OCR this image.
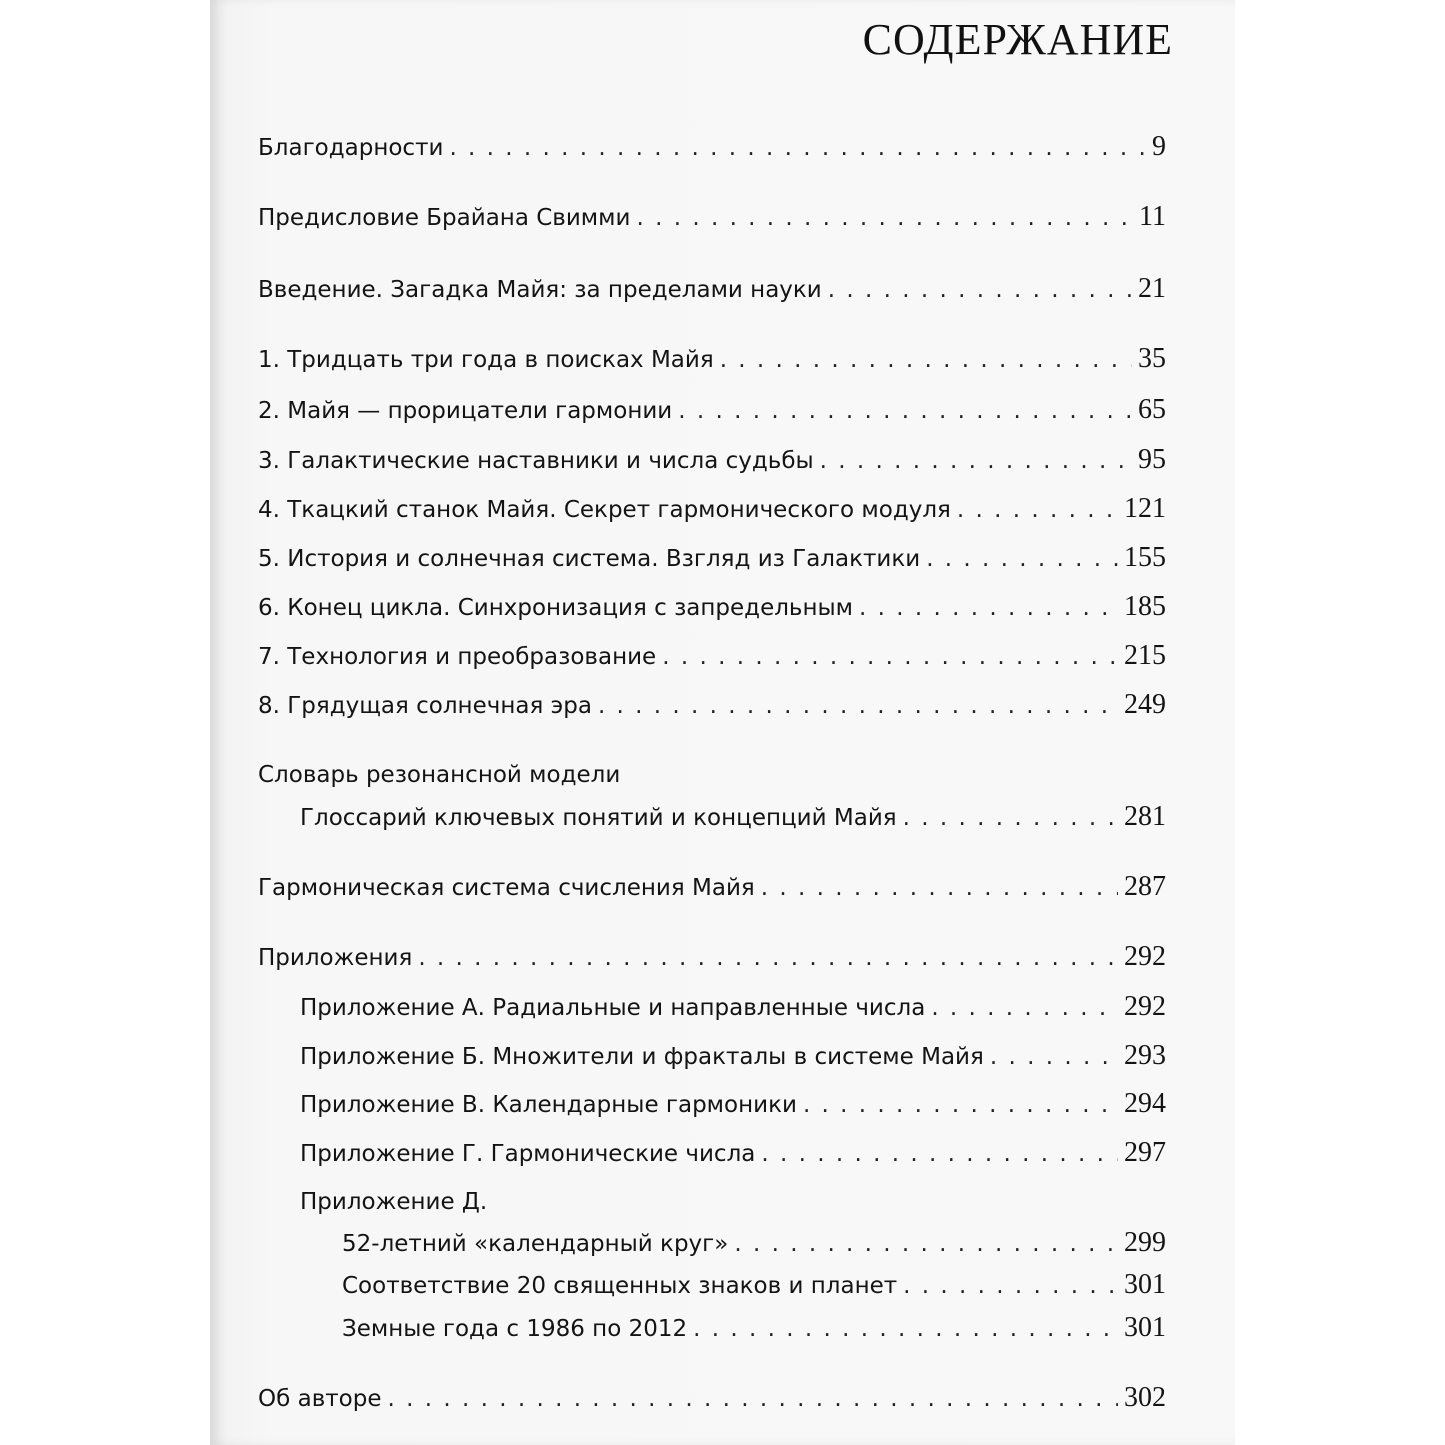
СОДЕРЖАНИЕ
Благодарности . . .	9
Предисловие Брайана Свимми . . .	11
Введение. Загадка Майя: за пределами науки . . .	21
1. Тридцать три года в поисках Майя . . .	35
2. Майя — прорицатели гармонии . . .	65
3. Галактические наставники и числа судьбы . . .	95
4. Ткацкий станок Майя. Секрет гармонического модуля . . .	121
5. История и солнечная система. Взгляд из Галактики . . .	155
6. Конец цикла. Синхронизация с запредельным . . .	185
7. Технология и преобразование . . .	215
8. Грядущая солнечная эра . . .	249
Словарь резонансной модели
Глоссарий ключевых понятий и концепций Майя . . .	281
Гармоническая система счисления Майя . . .	287
Приложения . . .	292
Приложение А. Радиальные и направленные числа . . .	292
Приложение Б. Множители и фракталы в системе Майя . . .	293
Приложение В. Календарные гармоники . . .	294
Приложение Г. Гармонические числа . . .	297
Приложение Д.
52-летний «календарный круг» . . .	299
Соответствие 20 священных знаков и планет . . .	301
Земные года с 1986 по 2012 . . .	301
Об авторе . . .	302
